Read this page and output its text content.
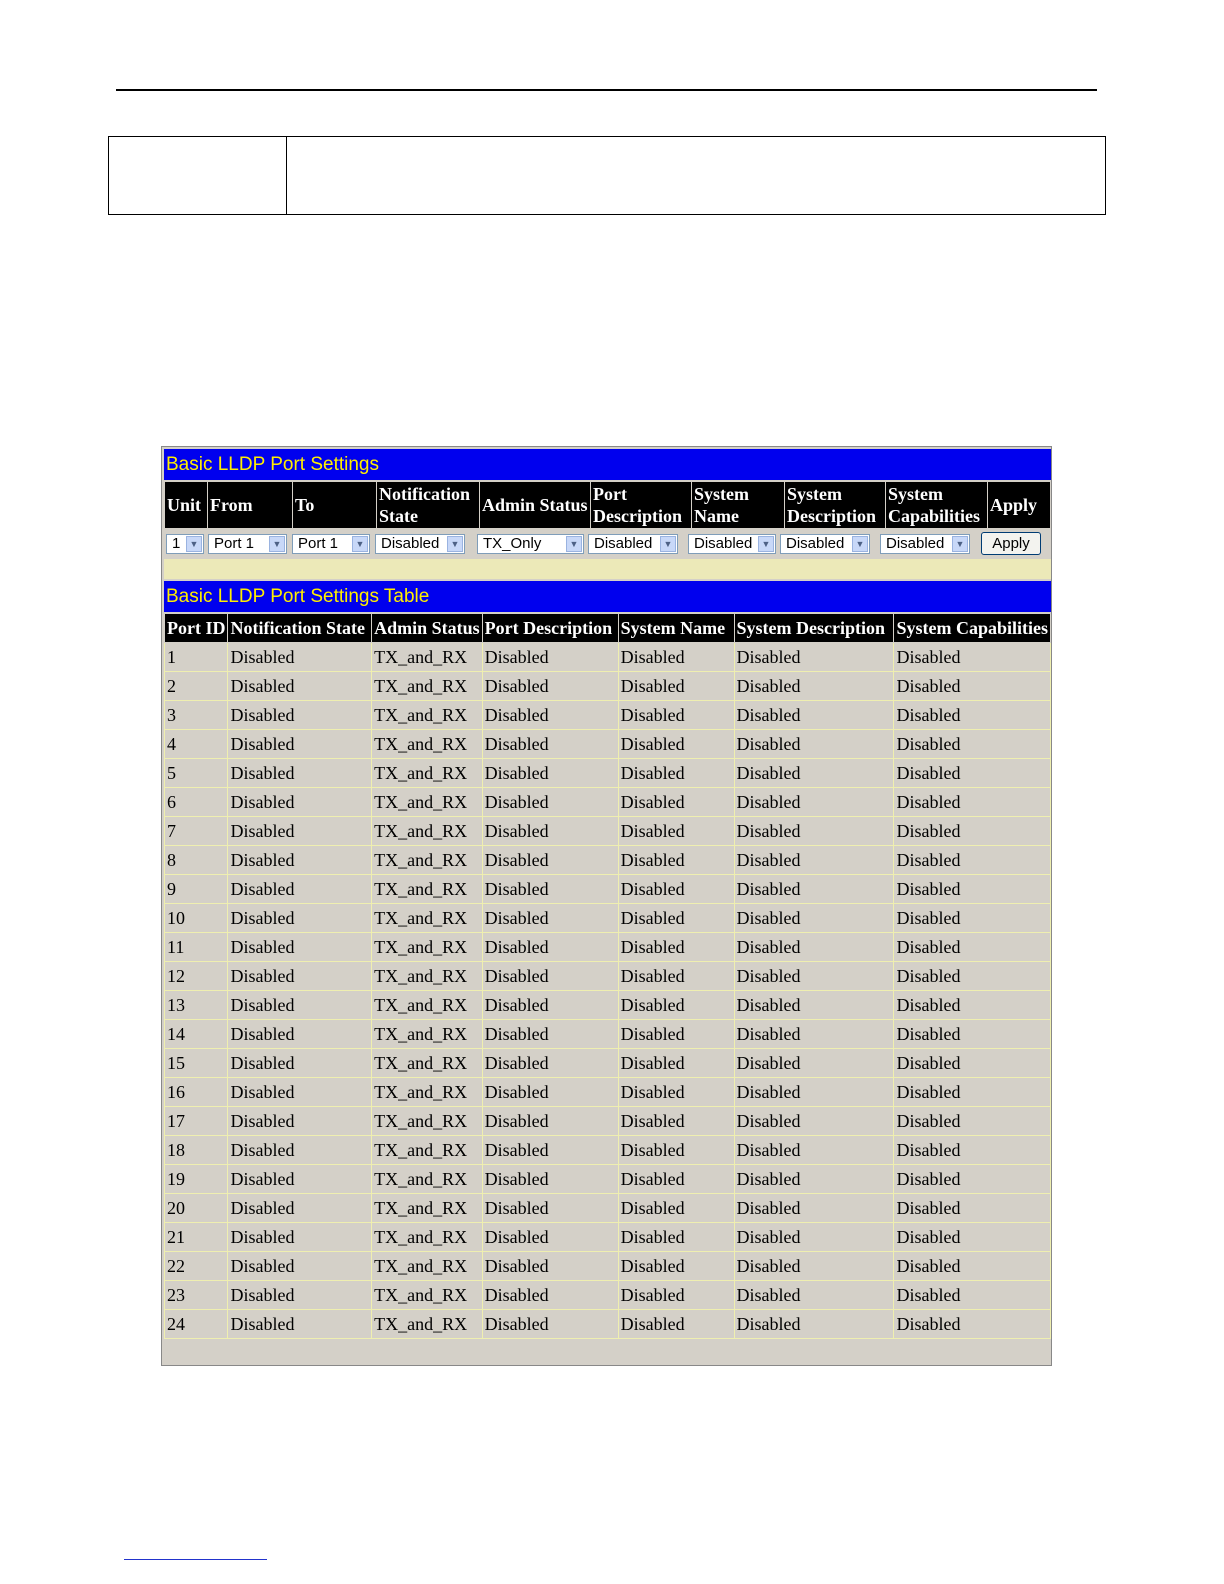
Basic LLDP Port Settings
Unit	From	To	Notification State	Admin Status	Port Description	System Name	System Description	System Capabilities	Apply
1	▼	Port 1	▼	Port 1	▼	Disabled	▼	TX_Only	▼	Disabled	▼	Disabled	▼	Disabled	▼	Disabled	▼	Apply
Basic LLDP Port Settings Table
Port ID	Notification State	Admin Status	Port Description	System Name	System Description	System Capabilities
1	Disabled	TX_and_RX	Disabled	Disabled	Disabled	Disabled
2	Disabled	TX_and_RX	Disabled	Disabled	Disabled	Disabled
3	Disabled	TX_and_RX	Disabled	Disabled	Disabled	Disabled
4	Disabled	TX_and_RX	Disabled	Disabled	Disabled	Disabled
5	Disabled	TX_and_RX	Disabled	Disabled	Disabled	Disabled
6	Disabled	TX_and_RX	Disabled	Disabled	Disabled	Disabled
7	Disabled	TX_and_RX	Disabled	Disabled	Disabled	Disabled
8	Disabled	TX_and_RX	Disabled	Disabled	Disabled	Disabled
9	Disabled	TX_and_RX	Disabled	Disabled	Disabled	Disabled
10	Disabled	TX_and_RX	Disabled	Disabled	Disabled	Disabled
11	Disabled	TX_and_RX	Disabled	Disabled	Disabled	Disabled
12	Disabled	TX_and_RX	Disabled	Disabled	Disabled	Disabled
13	Disabled	TX_and_RX	Disabled	Disabled	Disabled	Disabled
14	Disabled	TX_and_RX	Disabled	Disabled	Disabled	Disabled
15	Disabled	TX_and_RX	Disabled	Disabled	Disabled	Disabled
16	Disabled	TX_and_RX	Disabled	Disabled	Disabled	Disabled
17	Disabled	TX_and_RX	Disabled	Disabled	Disabled	Disabled
18	Disabled	TX_and_RX	Disabled	Disabled	Disabled	Disabled
19	Disabled	TX_and_RX	Disabled	Disabled	Disabled	Disabled
20	Disabled	TX_and_RX	Disabled	Disabled	Disabled	Disabled
21	Disabled	TX_and_RX	Disabled	Disabled	Disabled	Disabled
22	Disabled	TX_and_RX	Disabled	Disabled	Disabled	Disabled
23	Disabled	TX_and_RX	Disabled	Disabled	Disabled	Disabled
24	Disabled	TX_and_RX	Disabled	Disabled	Disabled	Disabled
